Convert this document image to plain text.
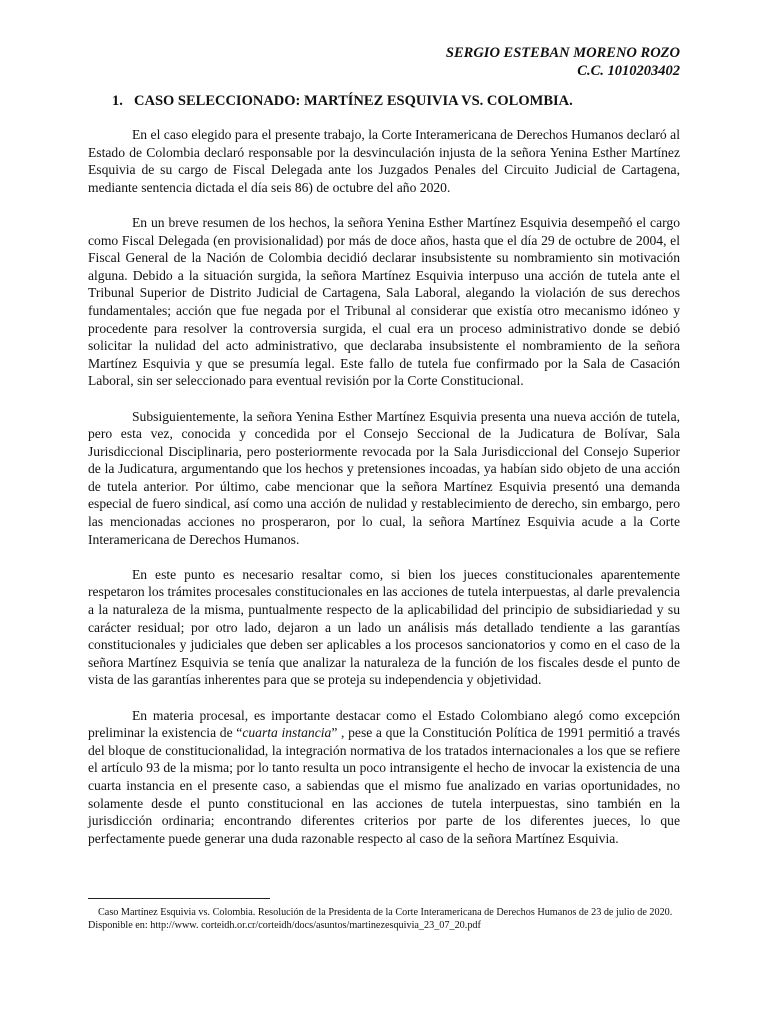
SERGIO ESTEBAN MORENO ROZO
C.C. 1010203402
1. CASO SELECCIONADO: MARTÍNEZ ESQUIVIA VS. COLOMBIA.

En el caso elegido para el presente trabajo, la Corte Interamericana de Derechos Humanos declaró al Estado de Colombia declaró responsable por la desvinculación injusta de la señora Yenina Esther Martínez Esquivia de su cargo de Fiscal Delegada ante los Juzgados Penales del Circuito Judicial de Cartagena, mediante sentencia dictada el día seis 86) de octubre del año 2020.

En un breve resumen de los hechos, la señora Yenina Esther Martínez Esquivia desempeñó el cargo como Fiscal Delegada (en provisionalidad) por más de doce años, hasta que el día 29 de octubre de 2004, el Fiscal General de la Nación de Colombia decidió declarar insubsistente su nombramiento sin motivación alguna. Debido a la situación surgida, la señora Martínez Esquivia interpuso una acción de tutela ante el Tribunal Superior de Distrito Judicial de Cartagena, Sala Laboral, alegando la violación de sus derechos fundamentales; acción que fue negada por el Tribunal al considerar que existía otro mecanismo idóneo y procedente para resolver la controversia surgida, el cual era un proceso administrativo donde se debió solicitar la nulidad del acto administrativo, que declaraba insubsistente el nombramiento de la señora Martínez Esquivia y que se presumía legal. Este fallo de tutela fue confirmado por la Sala de Casación Laboral, sin ser seleccionado para eventual revisión por la Corte Constitucional.

Subsiguientemente, la señora Yenina Esther Martínez Esquivia presenta una nueva acción de tutela, pero esta vez, conocida y concedida por el Consejo Seccional de la Judicatura de Bolívar, Sala Jurisdiccional Disciplinaria, pero posteriormente revocada por la Sala Jurisdiccional del Consejo Superior de la Judicatura, argumentando que los hechos y pretensiones incoadas, ya habían sido objeto de una acción de tutela anterior. Por último, cabe mencionar que la señora Martínez Esquivia presentó una demanda especial de fuero sindical, así como una acción de nulidad y restablecimiento de derecho, sin embargo, pero las mencionadas acciones no prosperaron, por lo cual, la señora Martínez Esquivia acude a la Corte Interamericana de Derechos Humanos.

En este punto es necesario resaltar como, si bien los jueces constitucionales aparentemente respetaron los trámites procesales constitucionales en las acciones de tutela interpuestas, al darle prevalencia a la naturaleza de la misma, puntualmente respecto de la aplicabilidad del principio de subsidiariedad y su carácter residual; por otro lado, dejaron a un lado un análisis más detallado tendiente a las garantías constitucionales y judiciales que deben ser aplicables a los procesos sancionatorios y como en el caso de la señora Martínez Esquivia se tenía que analizar la naturaleza de la función de los fiscales desde el punto de vista de las garantías inherentes para que se proteja su independencia y objetividad.

En materia procesal, es importante destacar como el Estado Colombiano alegó como excepción preliminar la existencia de “cuarta instancia” , pese a que la Constitución Política de 1991 permitió a través del bloque de constitucionalidad, la integración normativa de los tratados internacionales a los que se refiere el artículo 93 de la misma; por lo tanto resulta un poco intransigente el hecho de invocar la existencia de una cuarta instancia en el presente caso, a sabiendas que el mismo fue analizado en varias oportunidades, no solamente desde el punto constitucional en las acciones de tutela interpuestas, sino también en la jurisdicción ordinaria; encontrando diferentes criterios por parte de los diferentes jueces, lo que perfectamente puede generar una duda razonable respecto al caso de la señora Martínez Esquivia.

Caso Martínez Esquivia vs. Colombia. Resolución de la Presidenta de la Corte Interamericana de Derechos Humanos de 23 de julio de 2020.
Disponible en: http://www. corteidh.or.cr/corteidh/docs/asuntos/martinezesquivia_23_07_20.pdf
